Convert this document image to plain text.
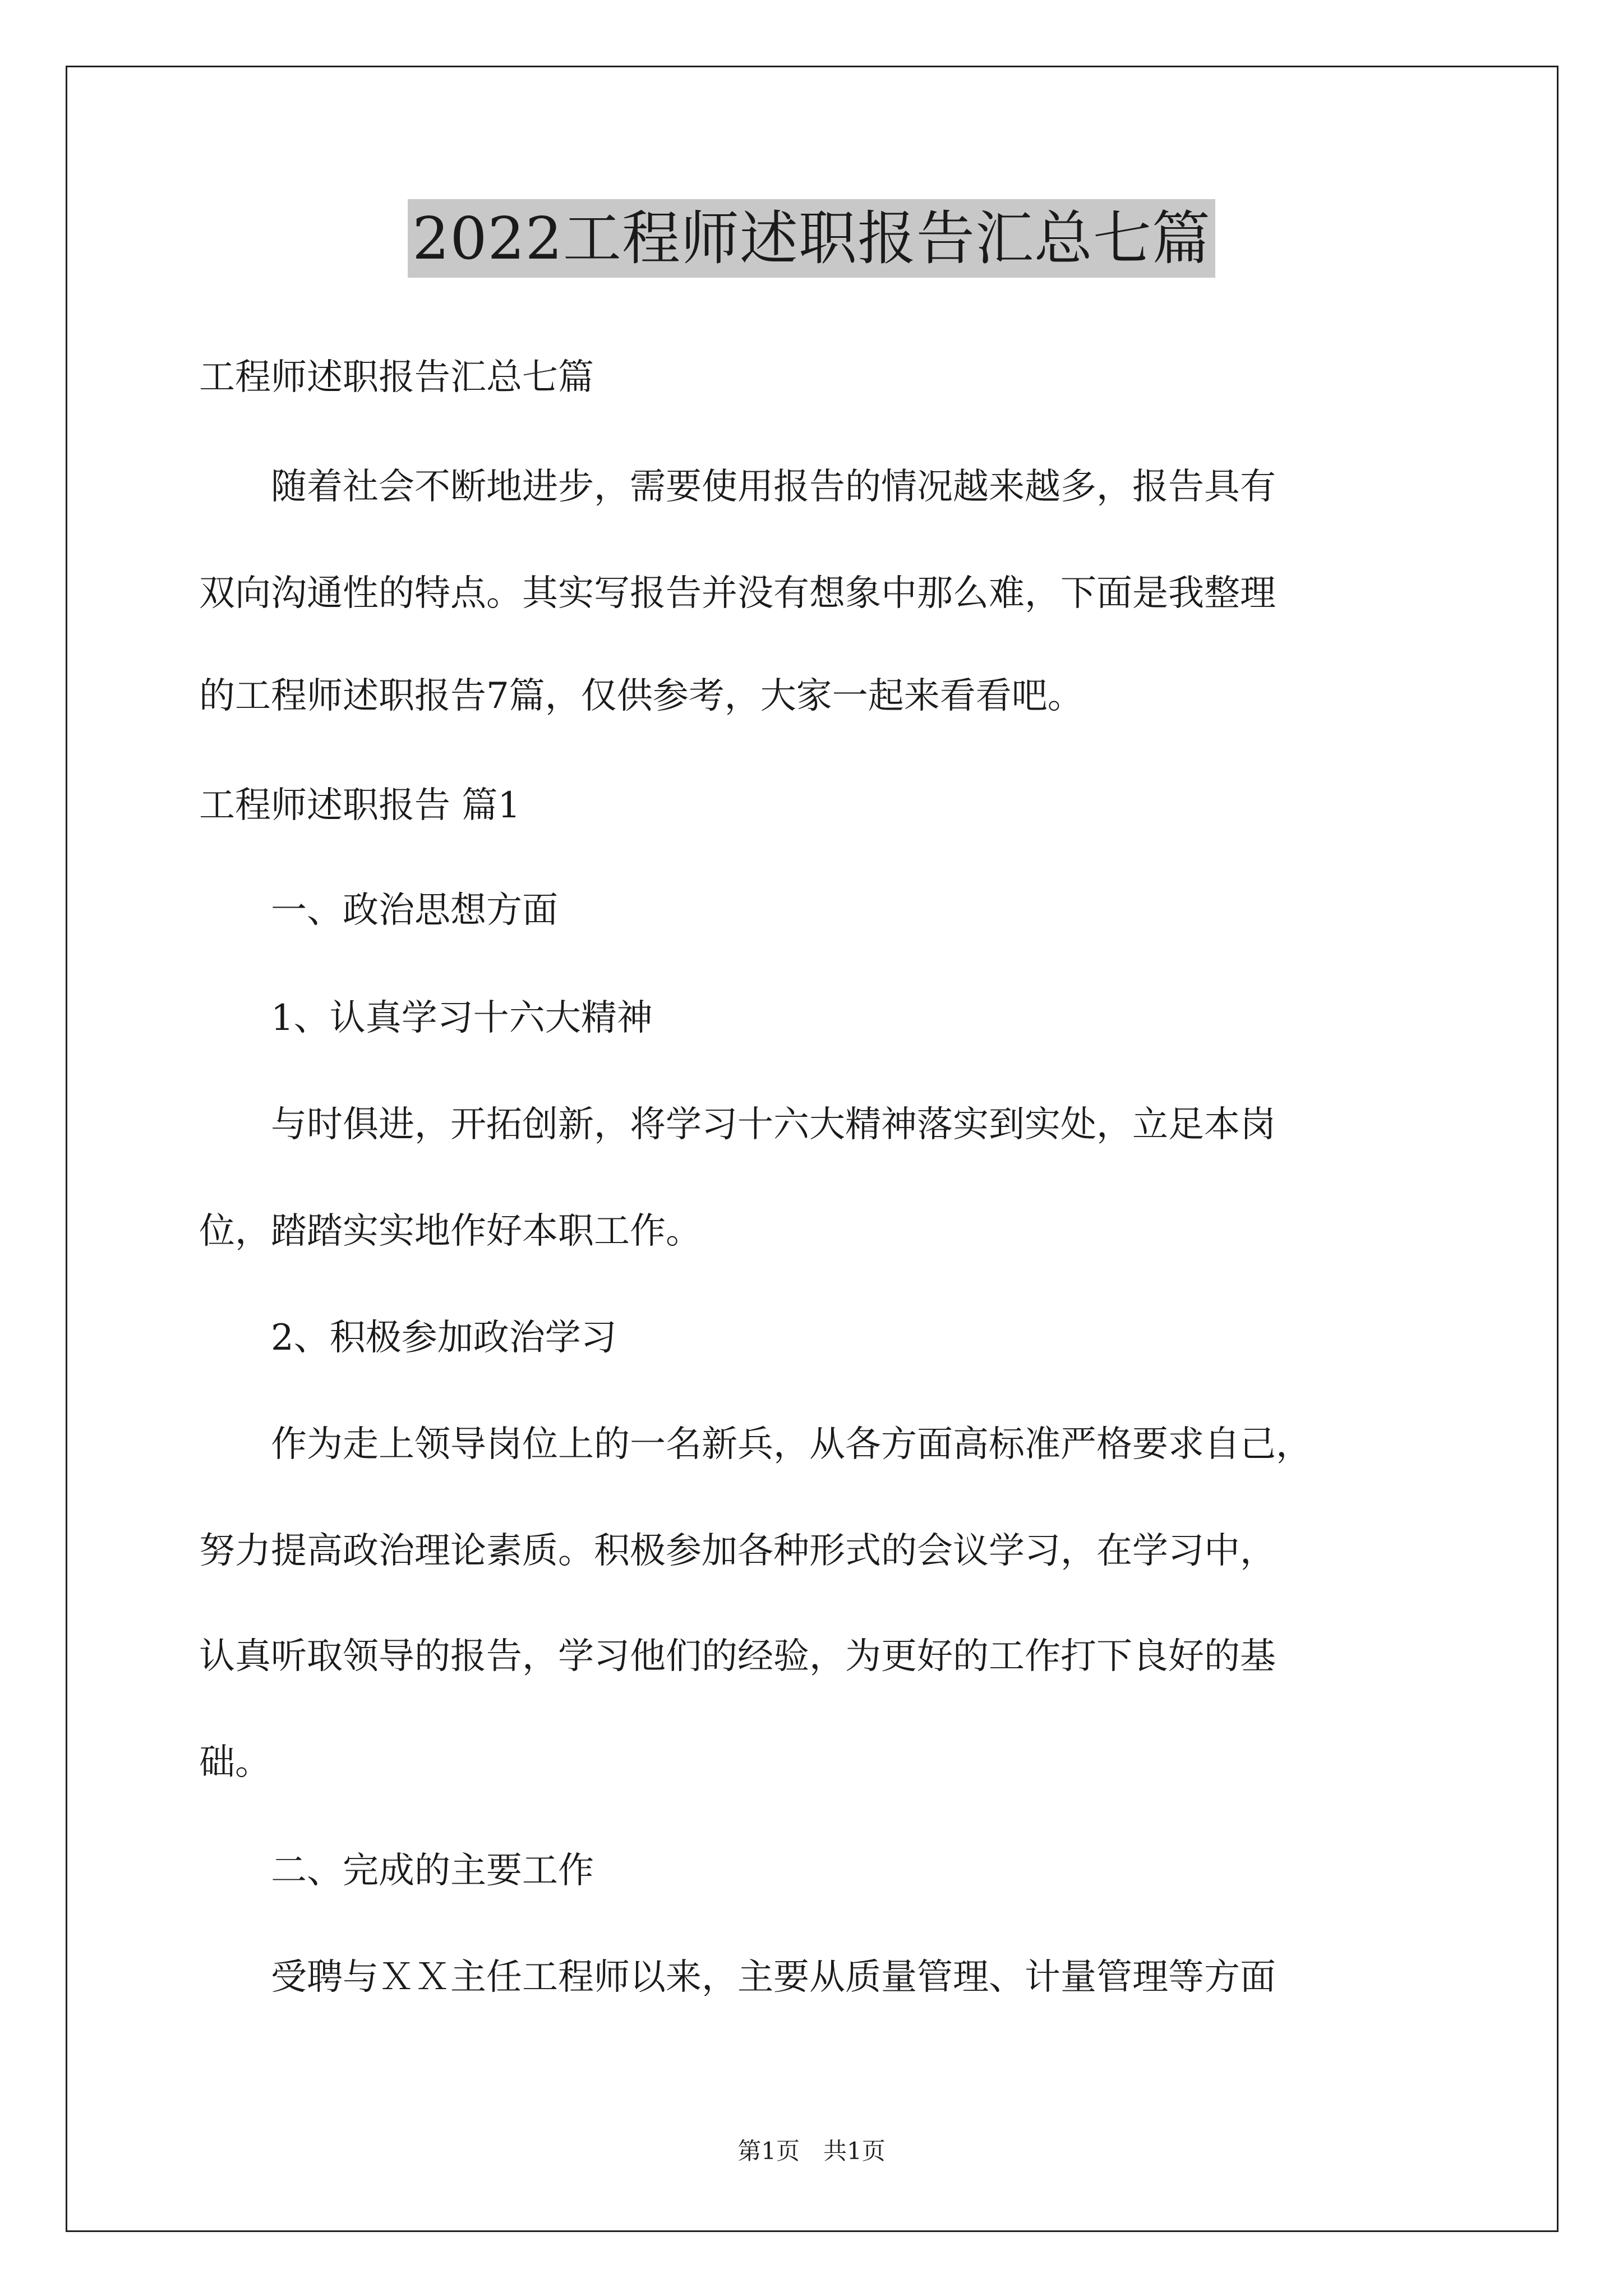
2022工程师述职报告汇总七篇
工程师述职报告汇总七篇
　　随着社会不断地进步，需要使用报告的情况越来越多，报告具有
双向沟通性的特点。其实写报告并没有想象中那么难，下面是我整理
的工程师述职报告7篇，仅供参考，大家一起来看看吧。
工程师述职报告 篇1
　　一、政治思想方面
　　1、认真学习十六大精神
　　与时俱进，开拓创新，将学习十六大精神落实到实处，立足本岗
位，踏踏实实地作好本职工作。
　　2、积极参加政治学习
　　作为走上领导岗位上的一名新兵，从各方面高标准严格要求自己，
努力提高政治理论素质。积极参加各种形式的会议学习，在学习中，
认真听取领导的报告，学习他们的经验，为更好的工作打下良好的基
础。
　　二、完成的主要工作
　　受聘与ＸＸ主任工程师以来，主要从质量管理、计量管理等方面
第1页　共1页
